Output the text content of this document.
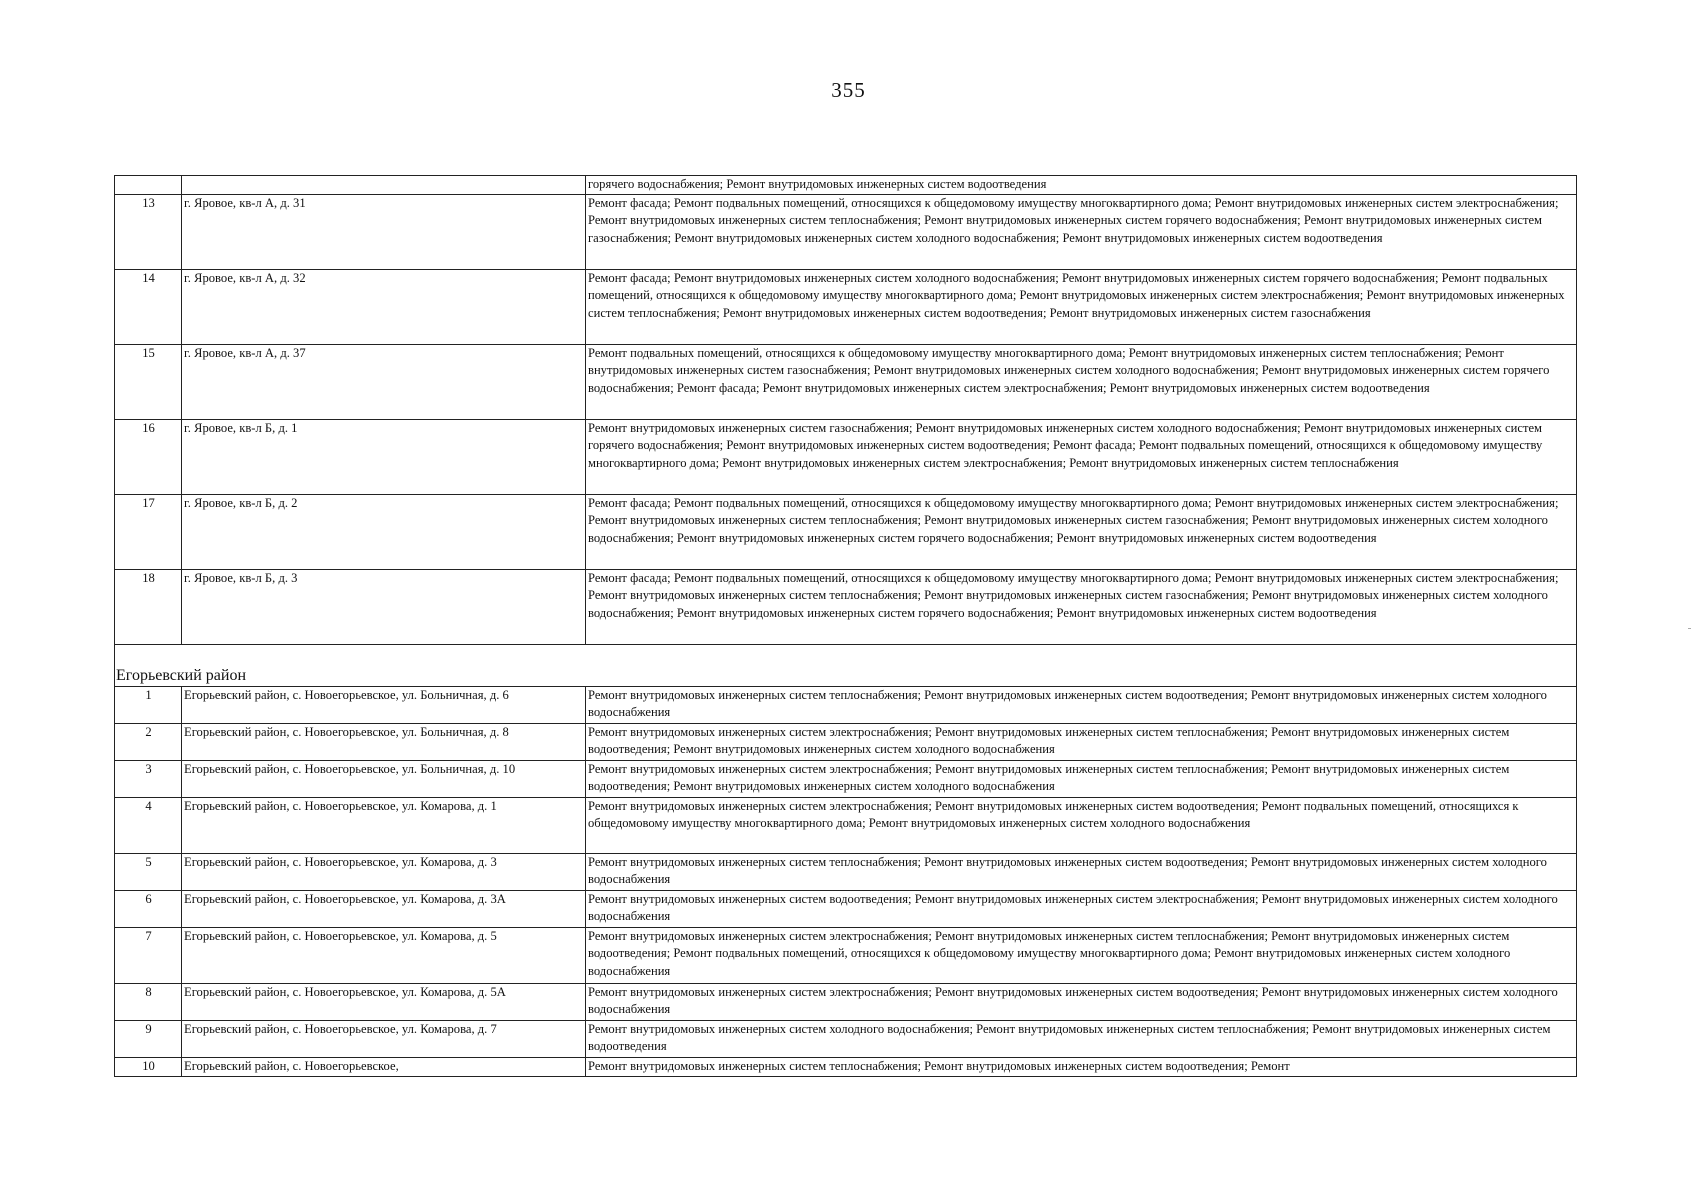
355
		горячего водоснабжения; Ремонт внутридомовых инженерных систем водоотведения
13	г. Яровое, кв-л А, д. 31	Ремонт фасада; Ремонт подвальных помещений, относящихся к общедомовому имуществу многоквартирного дома; Ремонт внутридомовых инженерных систем электроснабжения; Ремонт внутридомовых инженерных систем теплоснабжения; Ремонт внутридомовых инженерных систем горячего водоснабжения; Ремонт внутридомовых инженерных систем газоснабжения; Ремонт внутридомовых инженерных систем холодного водоснабжения; Ремонт внутридомовых инженерных систем водоотведения
14	г. Яровое, кв-л А, д. 32	Ремонт фасада; Ремонт внутридомовых инженерных систем холодного водоснабжения; Ремонт внутридомовых инженерных систем горячего водоснабжения; Ремонт подвальных помещений, относящихся к общедомовому имуществу многоквартирного дома; Ремонт внутридомовых инженерных систем электроснабжения; Ремонт внутридомовых инженерных систем теплоснабжения; Ремонт внутридомовых инженерных систем водоотведения; Ремонт внутридомовых инженерных систем газоснабжения
15	г. Яровое, кв-л А, д. 37	Ремонт подвальных помещений, относящихся к общедомовому имуществу многоквартирного дома; Ремонт внутридомовых инженерных систем теплоснабжения; Ремонт внутридомовых инженерных систем газоснабжения; Ремонт внутридомовых инженерных систем холодного водоснабжения; Ремонт внутридомовых инженерных систем горячего водоснабжения; Ремонт фасада; Ремонт внутридомовых инженерных систем электроснабжения; Ремонт внутридомовых инженерных систем водоотведения
16	г. Яровое, кв-л Б, д. 1	Ремонт внутридомовых инженерных систем газоснабжения; Ремонт внутридомовых инженерных систем холодного водоснабжения; Ремонт внутридомовых инженерных систем горячего водоснабжения; Ремонт внутридомовых инженерных систем водоотведения; Ремонт фасада; Ремонт подвальных помещений, относящихся к общедомовому имуществу многоквартирного дома; Ремонт внутридомовых инженерных систем электроснабжения; Ремонт внутридомовых инженерных систем теплоснабжения
17	г. Яровое, кв-л Б, д. 2	Ремонт фасада; Ремонт подвальных помещений, относящихся к общедомовому имуществу многоквартирного дома; Ремонт внутридомовых инженерных систем электроснабжения; Ремонт внутридомовых инженерных систем теплоснабжения; Ремонт внутридомовых инженерных систем газоснабжения; Ремонт внутридомовых инженерных систем холодного водоснабжения; Ремонт внутридомовых инженерных систем горячего водоснабжения; Ремонт внутридомовых инженерных систем водоотведения
18	г. Яровое, кв-л Б, д. 3	Ремонт фасада; Ремонт подвальных помещений, относящихся к общедомовому имуществу многоквартирного дома; Ремонт внутридомовых инженерных систем электроснабжения; Ремонт внутридомовых инженерных систем теплоснабжения; Ремонт внутридомовых инженерных систем газоснабжения; Ремонт внутридомовых инженерных систем холодного водоснабжения; Ремонт внутридомовых инженерных систем горячего водоснабжения; Ремонт внутридомовых инженерных систем водоотведения
Егорьевский район		
1	Егорьевский район, с. Новоегорьевское, ул. Больничная, д. 6	Ремонт внутридомовых инженерных систем теплоснабжения; Ремонт внутридомовых инженерных систем водоотведения; Ремонт внутридомовых инженерных систем холодного водоснабжения
2	Егорьевский район, с. Новоегорьевское, ул. Больничная, д. 8	Ремонт внутридомовых инженерных систем электроснабжения; Ремонт внутридомовых инженерных систем теплоснабжения; Ремонт внутридомовых инженерных систем водоотведения; Ремонт внутридомовых инженерных систем холодного водоснабжения
3	Егорьевский район, с. Новоегорьевское, ул. Больничная, д. 10	Ремонт внутридомовых инженерных систем электроснабжения; Ремонт внутридомовых инженерных систем теплоснабжения; Ремонт внутридомовых инженерных систем водоотведения; Ремонт внутридомовых инженерных систем холодного водоснабжения
4	Егорьевский район, с. Новоегорьевское, ул. Комарова, д. 1	Ремонт внутридомовых инженерных систем электроснабжения; Ремонт внутридомовых инженерных систем водоотведения; Ремонт подвальных помещений, относящихся к общедомовому имуществу многоквартирного дома; Ремонт внутридомовых инженерных систем холодного водоснабжения
5	Егорьевский район, с. Новоегорьевское, ул. Комарова, д. 3	Ремонт внутридомовых инженерных систем теплоснабжения; Ремонт внутридомовых инженерных систем водоотведения; Ремонт внутридомовых инженерных систем холодного водоснабжения
6	Егорьевский район, с. Новоегорьевское, ул. Комарова, д. 3А	Ремонт внутридомовых инженерных систем водоотведения; Ремонт внутридомовых инженерных систем электроснабжения; Ремонт внутридомовых инженерных систем холодного водоснабжения
7	Егорьевский район, с. Новоегорьевское, ул. Комарова, д. 5	Ремонт внутридомовых инженерных систем электроснабжения; Ремонт внутридомовых инженерных систем теплоснабжения; Ремонт внутридомовых инженерных систем водоотведения; Ремонт подвальных помещений, относящихся к общедомовому имуществу многоквартирного дома; Ремонт внутридомовых инженерных систем холодного водоснабжения
8	Егорьевский район, с. Новоегорьевское, ул. Комарова, д. 5А	Ремонт внутридомовых инженерных систем электроснабжения; Ремонт внутридомовых инженерных систем водоотведения; Ремонт внутридомовых инженерных систем холодного водоснабжения
9	Егорьевский район, с. Новоегорьевское, ул. Комарова, д. 7	Ремонт внутридомовых инженерных систем холодного водоснабжения; Ремонт внутридомовых инженерных систем теплоснабжения; Ремонт внутридомовых инженерных систем водоотведения
10	Егорьевский район, с. Новоегорьевское,	Ремонт внутридомовых инженерных систем теплоснабжения; Ремонт внутридомовых инженерных систем водоотведения; Ремонт
